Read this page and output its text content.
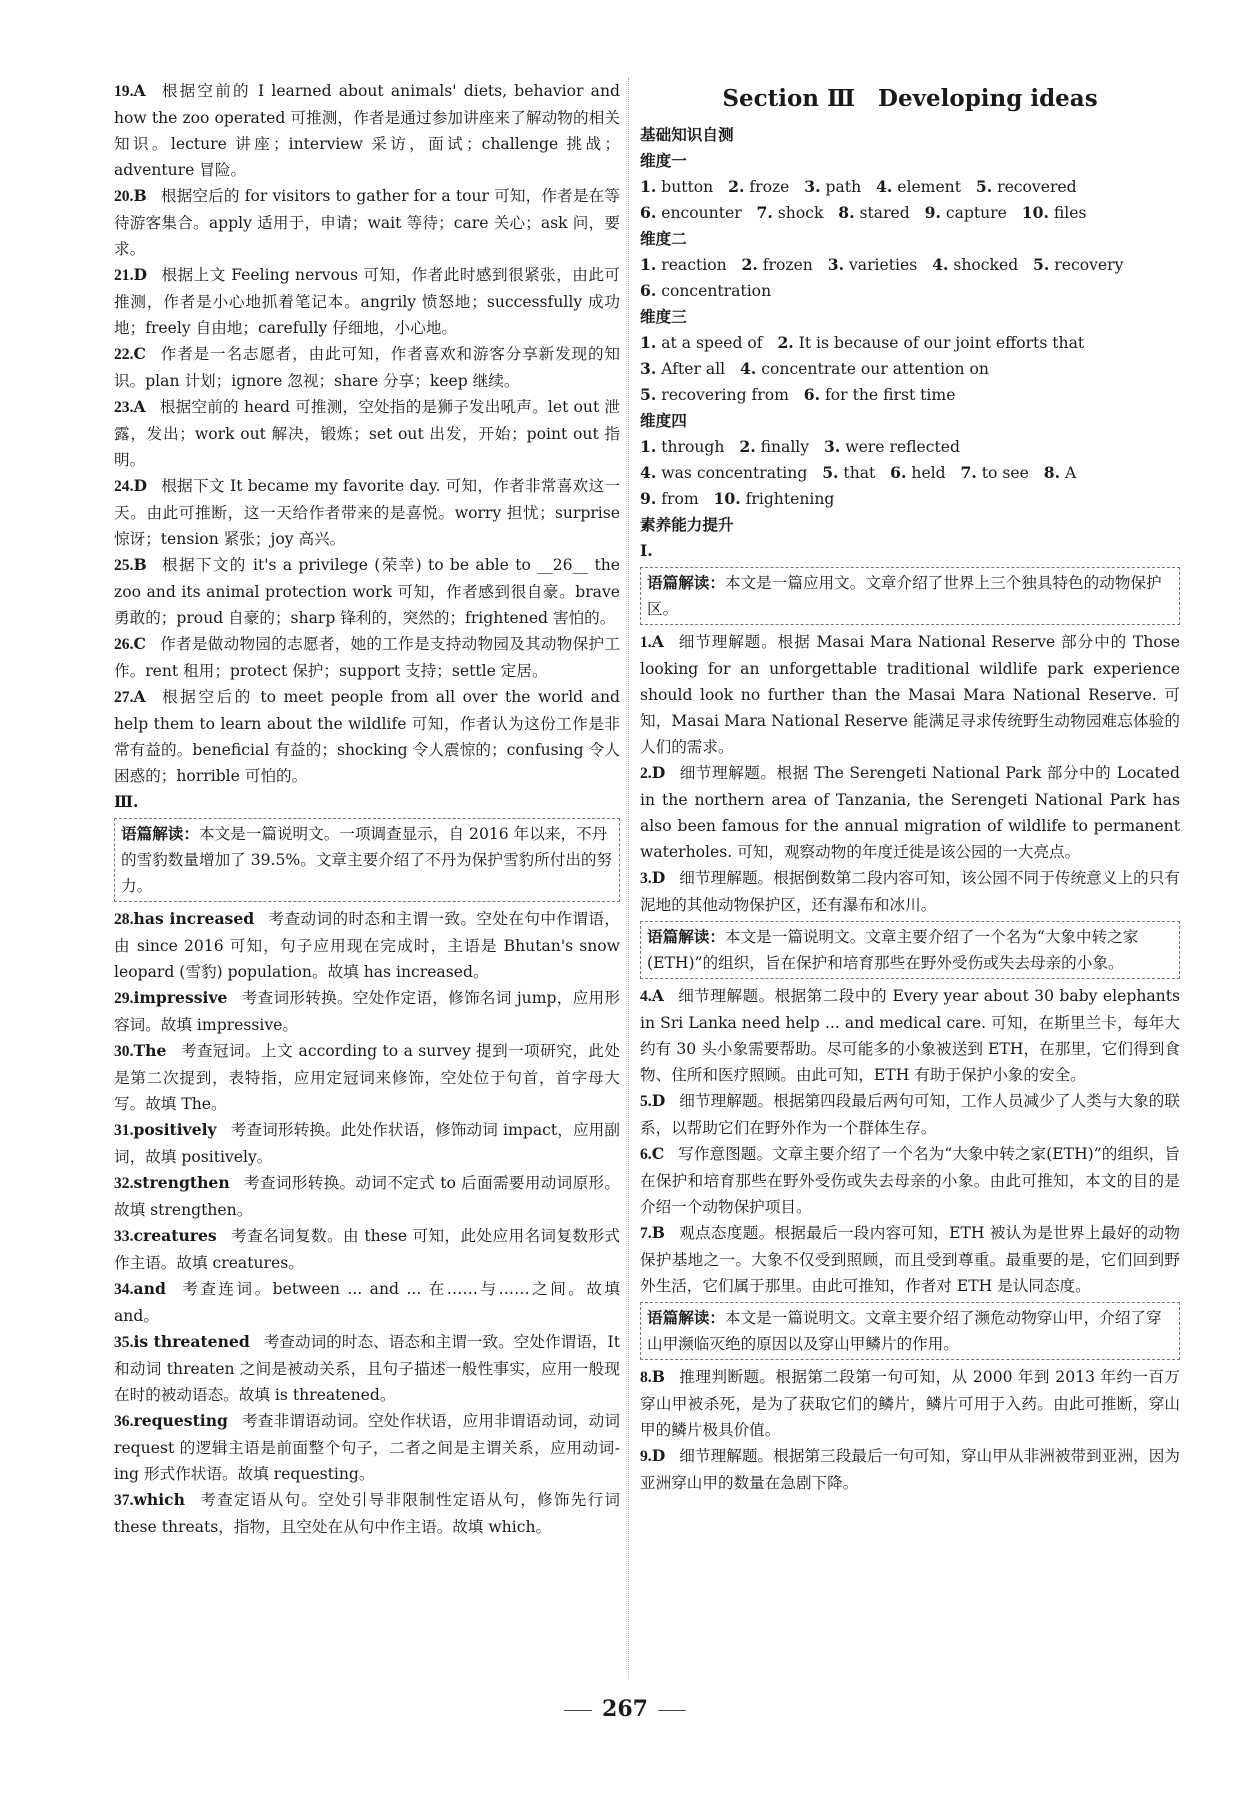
19.A 根据空前的 I learned about animals' diets, behavior and how the zoo operated 可推测，作者是通过参加讲座来了解动物的相关知识。lecture 讲座；interview 采访，面试；challenge 挑战；adventure 冒险。

20.B 根据空后的 for visitors to gather for a tour 可知，作者是在等待游客集合。apply 适用于，申请；wait 等待；care 关心；ask 问，要求。

21.D 根据上文 Feeling nervous 可知，作者此时感到很紧张，由此可推测，作者是小心地抓着笔记本。angrily 愤怒地；successfully 成功地；freely 自由地；carefully 仔细地，小心地。

22.C 作者是一名志愿者，由此可知，作者喜欢和游客分享新发现的知识。plan 计划；ignore 忽视；share 分享；keep 继续。

23.A 根据空前的 heard 可推测，空处指的是狮子发出吼声。let out 泄露，发出；work out 解决，锻炼；set out 出发，开始；point out 指明。

24.D 根据下文 It became my favorite day. 可知，作者非常喜欢这一天。由此可推断，这一天给作者带来的是喜悦。worry 担忧；surprise 惊讶；tension 紧张；joy 高兴。

25.B 根据下文的 it's a privilege (荣幸) to be able to __26__ the zoo and its animal protection work 可知，作者感到很自豪。brave 勇敢的；proud 自豪的；sharp 锋利的，突然的；frightened 害怕的。

26.C 作者是做动物园的志愿者，她的工作是支持动物园及其动物保护工作。rent 租用；protect 保护；support 支持；settle 定居。

27.A 根据空后的 to meet people from all over the world and help them to learn about the wildlife 可知，作者认为这份工作是非常有益的。beneficial 有益的；shocking 令人震惊的；confusing 令人困惑的；horrible 可怕的。

Ⅲ.

语篇解读：本文是一篇说明文。一项调查显示，自 2016 年以来，不丹的雪豹数量增加了 39.5%。文章主要介绍了不丹为保护雪豹所付出的努力。

28.has increased 考查动词的时态和主谓一致。空处在句中作谓语，由 since 2016 可知，句子应用现在完成时，主语是 Bhutan's snow leopard (雪豹) population。故填 has increased。

29.impressive 考查词形转换。空处作定语，修饰名词 jump，应用形容词。故填 impressive。

30.The 考查冠词。上文 according to a survey 提到一项研究，此处是第二次提到，表特指，应用定冠词来修饰，空处位于句首，首字母大写。故填 The。

31.positively 考查词形转换。此处作状语，修饰动词 impact，应用副词，故填 positively。

32.strengthen 考查词形转换。动词不定式 to 后面需要用动词原形。故填 strengthen。

33.creatures 考查名词复数。由 these 可知，此处应用名词复数形式作主语。故填 creatures。

34.and 考查连词。between ... and ... 在……与……之间。故填 and。

35.is threatened 考查动词的时态、语态和主谓一致。空处作谓语，It 和动词 threaten 之间是被动关系，且句子描述一般性事实，应用一般现在时的被动语态。故填 is threatened。

36.requesting 考查非谓语动词。空处作状语，应用非谓语动词，动词 request 的逻辑主语是前面整个句子，二者之间是主谓关系，应用动词-ing 形式作状语。故填 requesting。

37.which 考查定语从句。空处引导非限制性定语从句，修饰先行词 these threats，指物，且空处在从句中作主语。故填 which。

Section Ⅲ　Developing ideas

基础知识自测

维度一

1. button   2. froze   3. path   4. element   5. recovered

6. encounter   7. shock   8. stared   9. capture   10. files

维度二

1. reaction   2. frozen   3. varieties   4. shocked   5. recovery

6. concentration

维度三

1. at a speed of   2. It is because of our joint efforts that

3. After all   4. concentrate our attention on

5. recovering from   6. for the first time

维度四

1. through   2. finally   3. were reflected

4. was concentrating   5. that   6. held   7. to see   8. A

9. from   10. frightening

素养能力提升

Ⅰ.

语篇解读：本文是一篇应用文。文章介绍了世界上三个独具特色的动物保护区。

1.A 细节理解题。根据 Masai Mara National Reserve 部分中的 Those looking for an unforgettable traditional wildlife park experience should look no further than the Masai Mara National Reserve. 可知，Masai Mara National Reserve 能满足寻求传统野生动物园难忘体验的人们的需求。

2.D 细节理解题。根据 The Serengeti National Park 部分中的 Located in the northern area of Tanzania, the Serengeti National Park has also been famous for the annual migration of wildlife to permanent waterholes. 可知，观察动物的年度迁徙是该公园的一大亮点。

3.D 细节理解题。根据倒数第二段内容可知，该公园不同于传统意义上的只有泥地的其他动物保护区，还有瀑布和冰川。

语篇解读：本文是一篇说明文。文章主要介绍了一个名为“大象中转之家(ETH)”的组织，旨在保护和培育那些在野外受伤或失去母亲的小象。

4.A 细节理解题。根据第二段中的 Every year about 30 baby elephants in Sri Lanka need help ... and medical care. 可知，在斯里兰卡，每年大约有 30 头小象需要帮助。尽可能多的小象被送到 ETH，在那里，它们得到食物、住所和医疗照顾。由此可知，ETH 有助于保护小象的安全。

5.D 细节理解题。根据第四段最后两句可知，工作人员减少了人类与大象的联系，以帮助它们在野外作为一个群体生存。

6.C 写作意图题。文章主要介绍了一个名为“大象中转之家(ETH)”的组织，旨在保护和培育那些在野外受伤或失去母亲的小象。由此可推知，本文的目的是介绍一个动物保护项目。

7.B 观点态度题。根据最后一段内容可知，ETH 被认为是世界上最好的动物保护基地之一。大象不仅受到照顾，而且受到尊重。最重要的是，它们回到野外生活，它们属于那里。由此可推知，作者对 ETH 是认同态度。

语篇解读：本文是一篇说明文。文章主要介绍了濒危动物穿山甲，介绍了穿山甲濒临灭绝的原因以及穿山甲鳞片的作用。

8.B 推理判断题。根据第二段第一句可知，从 2000 年到 2013 年约一百万穿山甲被杀死，是为了获取它们的鳞片，鳞片可用于入药。由此可推断，穿山甲的鳞片极具价值。

9.D 细节理解题。根据第三段最后一句可知，穿山甲从非洲被带到亚洲，因为亚洲穿山甲的数量在急剧下降。

267
